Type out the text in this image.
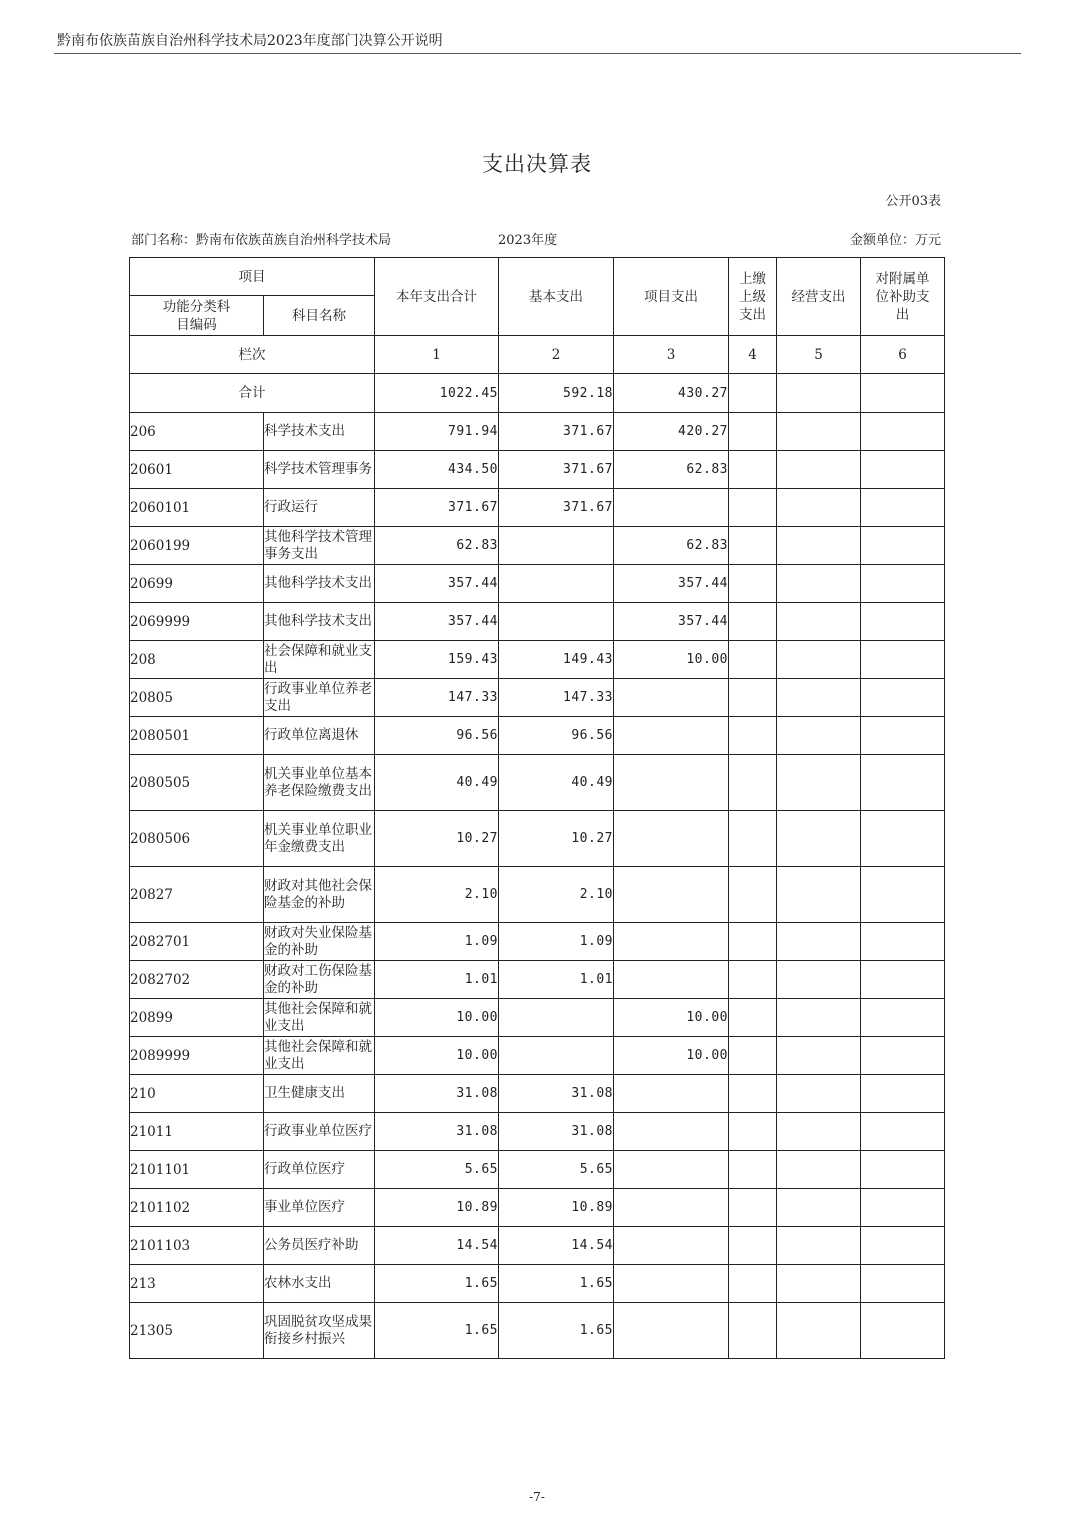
黔南布依族苗族自治州科学技术局2023年度部门决算公开说明
支出决算表
公开03表
部门名称：黔南布依族苗族自治州科学技术局	2023年度	金额单位：万元
项目		本年支出合计	基本支出	项目支出	上缴上级支出	经营支出	对附属单位补助支出
功能分类科目编码	科目名称						
栏次		1	2	3	4	5	6
合计		1022.45	592.18	430.27			
206	科学技术支出	791.94	371.67	420.27			
20601	科学技术管理事务	434.50	371.67	62.83			
2060101	行政运行	371.67	371.67				
2060199	其他科学技术管理事务支出	62.83		62.83			
20699	其他科学技术支出	357.44		357.44			
2069999	其他科学技术支出	357.44		357.44			
208	社会保障和就业支出	159.43	149.43	10.00			
20805	行政事业单位养老支出	147.33	147.33				
2080501	行政单位离退休	96.56	96.56				
2080505	机关事业单位基本养老保险缴费支出	40.49	40.49				
2080506	机关事业单位职业年金缴费支出	10.27	10.27				
20827	财政对其他社会保险基金的补助	2.10	2.10				
2082701	财政对失业保险基金的补助	1.09	1.09				
2082702	财政对工伤保险基金的补助	1.01	1.01				
20899	其他社会保障和就业支出	10.00		10.00			
2089999	其他社会保障和就业支出	10.00		10.00			
210	卫生健康支出	31.08	31.08				
21011	行政事业单位医疗	31.08	31.08				
2101101	行政单位医疗	5.65	5.65				
2101102	事业单位医疗	10.89	10.89				
2101103	公务员医疗补助	14.54	14.54				
213	农林水支出	1.65	1.65				
21305	巩固脱贫攻坚成果衔接乡村振兴	1.65	1.65				
-7-
